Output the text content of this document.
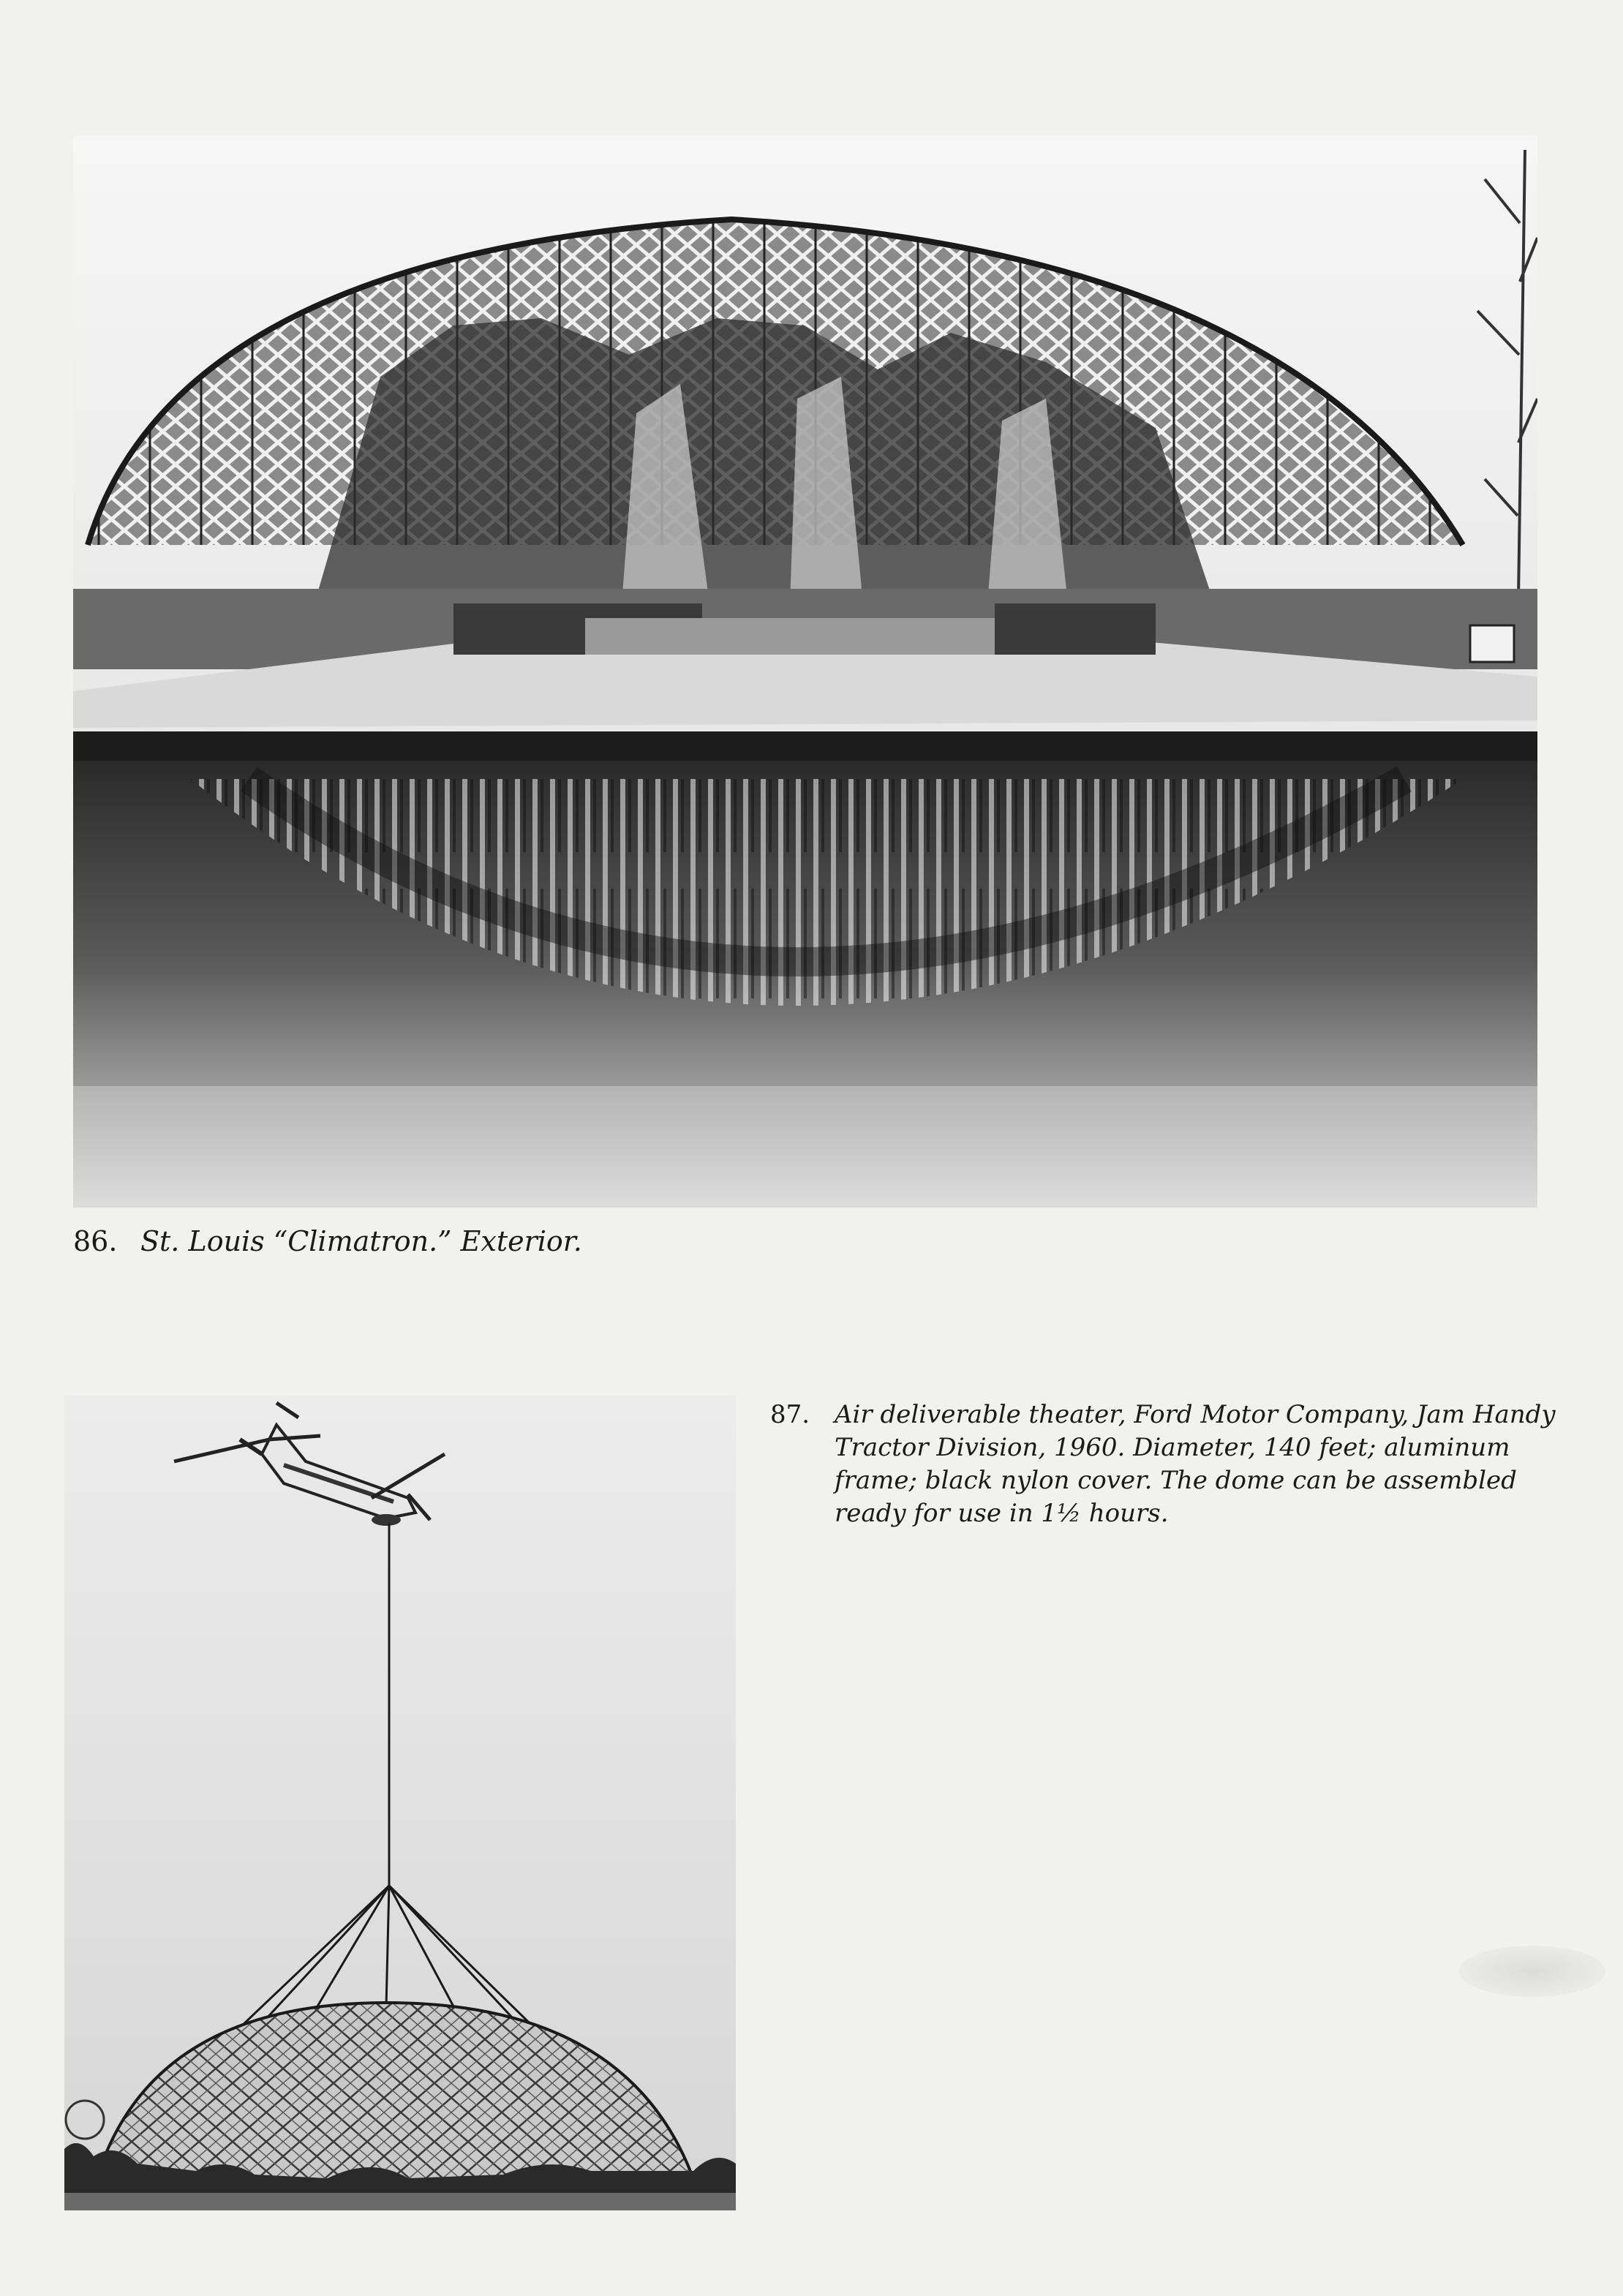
86. St. Louis “Climatron.” Exterior.
87. Air deliverable theater, Ford Motor Company, Jam Handy
Tractor Division, 1960. Diameter, 140 feet; aluminum
frame; black nylon cover. The dome can be assembled
ready for use in 1½ hours.
